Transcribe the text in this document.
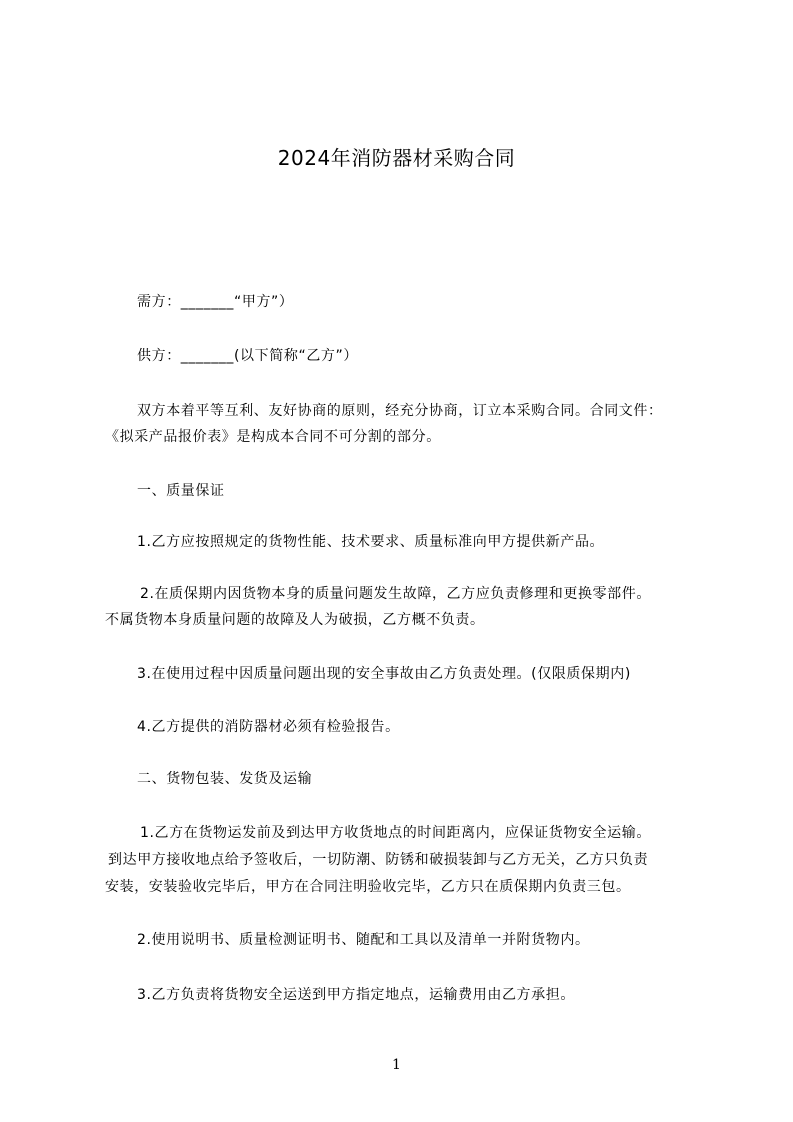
2024年消防器材采购合同
需方：_______“甲方”）
供方：_______(以下简称“乙方”）
双方本着平等互利、友好协商的原则，经充分协商，订立本采购合同。合同文件：
《拟采产品报价表》是构成本合同不可分割的部分。
一、质量保证
1.乙方应按照规定的货物性能、技术要求、质量标准向甲方提供新产品。
2.在质保期内因货物本身的质量问题发生故障，乙方应负责修理和更换零部件。
不属货物本身质量问题的故障及人为破损，乙方概不负责。
3.在使用过程中因质量问题出现的安全事故由乙方负责处理。(仅限质保期内)
4.乙方提供的消防器材必须有检验报告。
二、货物包装、发货及运输
1.乙方在货物运发前及到达甲方收货地点的时间距离内，应保证货物安全运输。
到达甲方接收地点给予签收后，一切防潮、防锈和破损装卸与乙方无关，乙方只负责
安装，安装验收完毕后，甲方在合同注明验收完毕，乙方只在质保期内负责三包。
2.使用说明书、质量检测证明书、随配和工具以及清单一并附货物内。
3.乙方负责将货物安全运送到甲方指定地点，运输费用由乙方承担。
1
